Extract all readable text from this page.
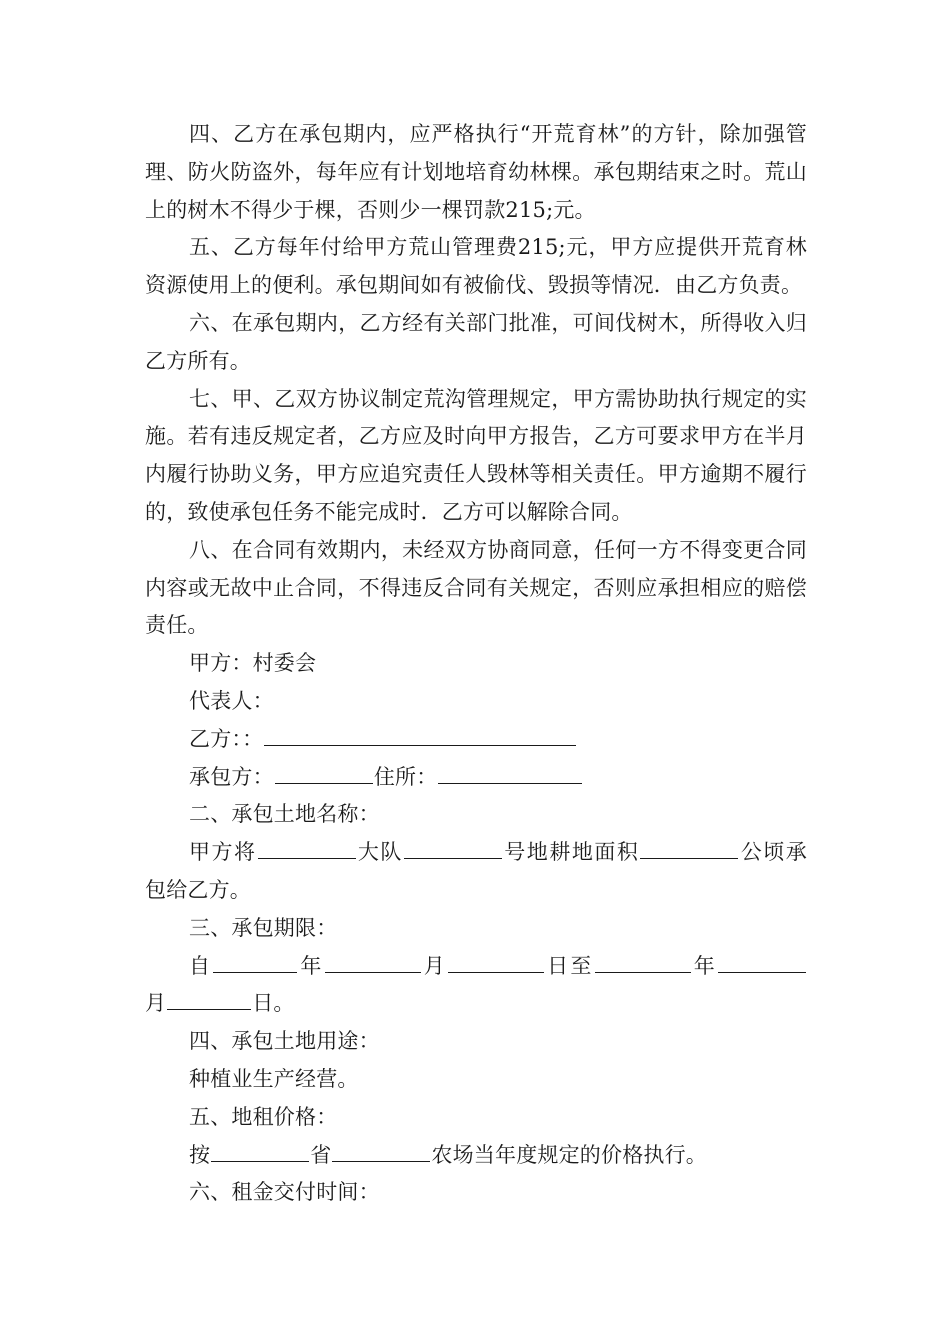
四、乙方在承包期内，应严格执行“开荒育林”的方针，除加强管理、防火防盗外，每年应有计划地培育幼林棵。承包期结束之时。荒山上的树木不得少于棵，否则少一棵罚款215;元。

五、乙方每年付给甲方荒山管理费215;元，甲方应提供开荒育林资源使用上的便利。承包期间如有被偷伐、毁损等情况．由乙方负责。

六、在承包期内，乙方经有关部门批准，可间伐树木，所得收入归乙方所有。

七、甲、乙双方协议制定荒沟管理规定，甲方需协助执行规定的实施。若有违反规定者，乙方应及时向甲方报告，乙方可要求甲方在半月内履行协助义务，甲方应追究责任人毁林等相关责任。甲方逾期不履行的，致使承包任务不能完成时．乙方可以解除合同。

八、在合同有效期内，未经双方协商同意，任何一方不得变更合同内容或无故中止合同，不得违反合同有关规定，否则应承担相应的赔偿责任。

甲方：村委会

代表人：

乙方：：

承包方：	住所：

二、承包土地名称：

甲方将	大队	号地耕地面积	公顷承包给乙方。

三、承包期限：

自	年	月	日至	年月	日。

四、承包土地用途：

种植业生产经营。

五、地租价格：

按	省	农场当年度规定的价格执行。

六、租金交付时间：
